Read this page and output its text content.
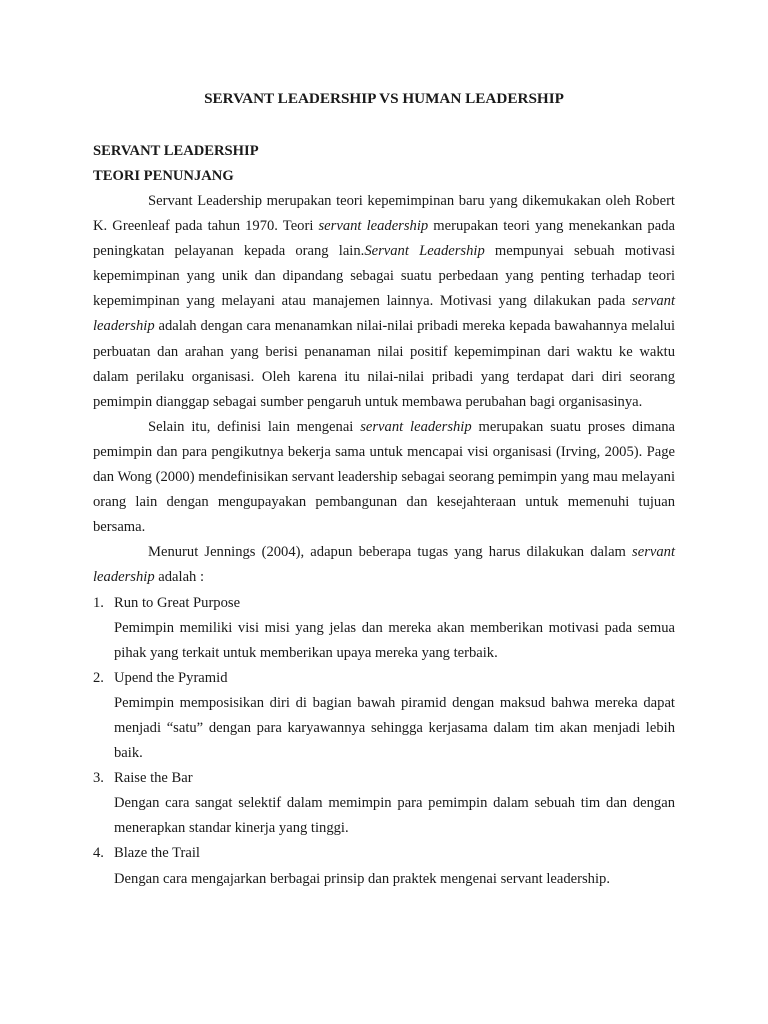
SERVANT LEADERSHIP VS HUMAN LEADERSHIP
SERVANT LEADERSHIP
TEORI PENUNJANG

Servant Leadership merupakan teori kepemimpinan baru yang dikemukakan oleh Robert K. Greenleaf pada tahun 1970. Teori servant leadership merupakan teori yang menekankan pada peningkatan pelayanan kepada orang lain.Servant Leadership mempunyai sebuah motivasi kepemimpinan yang unik dan dipandang sebagai suatu perbedaan yang penting terhadap teori kepemimpinan yang melayani atau manajemen lainnya. Motivasi yang dilakukan pada servant leadership adalah dengan cara menanamkan nilai-nilai pribadi mereka kepada bawahannya melalui perbuatan dan arahan yang berisi penanaman nilai positif kepemimpinan dari waktu ke waktu dalam perilaku organisasi. Oleh karena itu nilai-nilai pribadi yang terdapat dari diri seorang pemimpin dianggap sebagai sumber pengaruh untuk membawa perubahan bagi organisasinya.

Selain itu, definisi lain mengenai servant leadership merupakan suatu proses dimana pemimpin dan para pengikutnya bekerja sama untuk mencapai visi organisasi (Irving, 2005). Page dan Wong (2000) mendefinisikan servant leadership sebagai seorang pemimpin yang mau melayani orang lain dengan mengupayakan pembangunan dan kesejahteraan untuk memenuhi tujuan bersama.

Menurut Jennings (2004), adapun beberapa tugas yang harus dilakukan dalam servant leadership adalah :

1. Run to Great Purpose
Pemimpin memiliki visi misi yang jelas dan mereka akan memberikan motivasi pada semua pihak yang terkait untuk memberikan upaya mereka yang terbaik.
2. Upend the Pyramid
Pemimpin memposisikan diri di bagian bawah piramid dengan maksud bahwa mereka dapat menjadi “satu” dengan para karyawannya sehingga kerjasama dalam tim akan menjadi lebih baik.
3. Raise the Bar
Dengan cara sangat selektif dalam memimpin para pemimpin dalam sebuah tim dan dengan menerapkan standar kinerja yang tinggi.
4. Blaze the Trail
Dengan cara mengajarkan berbagai prinsip dan praktek mengenai servant leadership.
